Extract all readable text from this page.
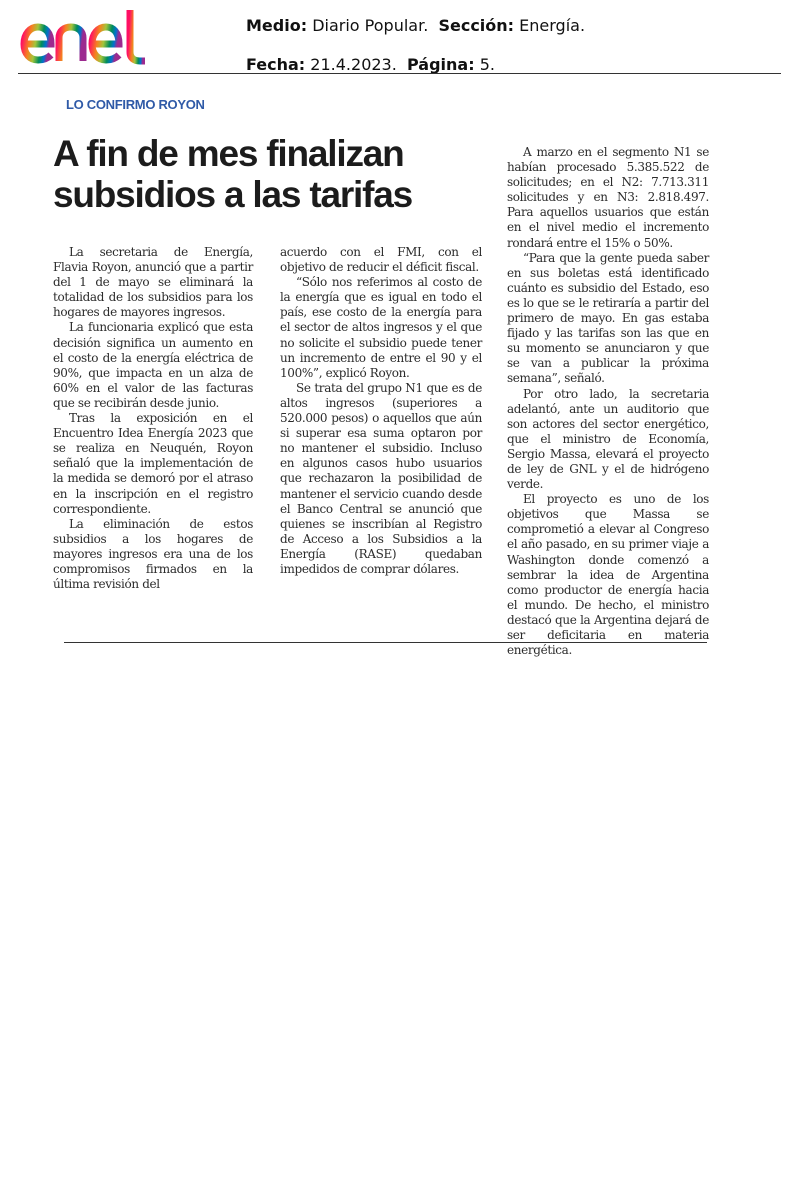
Medio: Diario Popular. Sección: Energía.
Fecha: 21.4.2023. Página: 5.
LO CONFIRMO ROYON
A fin de mes finalizan subsidios a las tarifas

La secretaria de Energía, Flavia Royon, anunció que a partir del 1 de mayo se eliminará la totalidad de los subsidios para los hogares de mayores ingresos.

La funcionaria explicó que esta decisión significa un aumento en el costo de la energía eléctrica de 90%, que impacta en un alza de 60% en el valor de las facturas que se recibirán desde junio.

Tras la exposición en el Encuentro Idea Energía 2023 que se realiza en Neuquén, Royon señaló que la implementación de la medida se demoró por el atraso en la inscripción en el registro correspondiente.

La eliminación de estos subsidios a los hogares de mayores ingresos era una de los compromisos firmados en la última revisión del

acuerdo con el FMI, con el objetivo de reducir el déficit fiscal.

“Sólo nos referimos al costo de la energía que es igual en todo el país, ese costo de la energía para el sector de altos ingresos y el que no solicite el subsidio puede tener un incremento de entre el 90 y el 100%”, explicó Royon.

Se trata del grupo N1 que es de altos ingresos (superiores a 520.000 pesos) o aquellos que aún si superar esa suma optaron por no mantener el subsidio. Incluso en algunos casos hubo usuarios que rechazaron la posibilidad de mantener el servicio cuando desde el Banco Central se anunció que quienes se inscribían al Registro de Acceso a los Subsidios a la Energía (RASE) quedaban impedidos de comprar dólares.

A marzo en el segmento N1 se habían procesado 5.385.522 de solicitudes; en el N2: 7.713.311 solicitudes y en N3: 2.818.497. Para aquellos usuarios que están en el nivel medio el incremento rondará entre el 15% o 50%.

“Para que la gente pueda saber en sus boletas está identificado cuánto es subsidio del Estado, eso es lo que se le retiraría a partir del primero de mayo. En gas estaba fijado y las tarifas son las que en su momento se anunciaron y que se van a publicar la próxima semana”, señaló.

Por otro lado, la secretaria adelantó, ante un auditorio que son actores del sector energético, que el ministro de Economía, Sergio Massa, elevará el proyecto de ley de GNL y el de hidrógeno verde.

El proyecto es uno de los objetivos que Massa se comprometió a elevar al Congreso el año pasado, en su primer viaje a Washington donde comenzó a sembrar la idea de Argentina como productor de energía hacia el mundo. De hecho, el ministro destacó que la Argentina dejará de ser deficitaria en materia energética.
